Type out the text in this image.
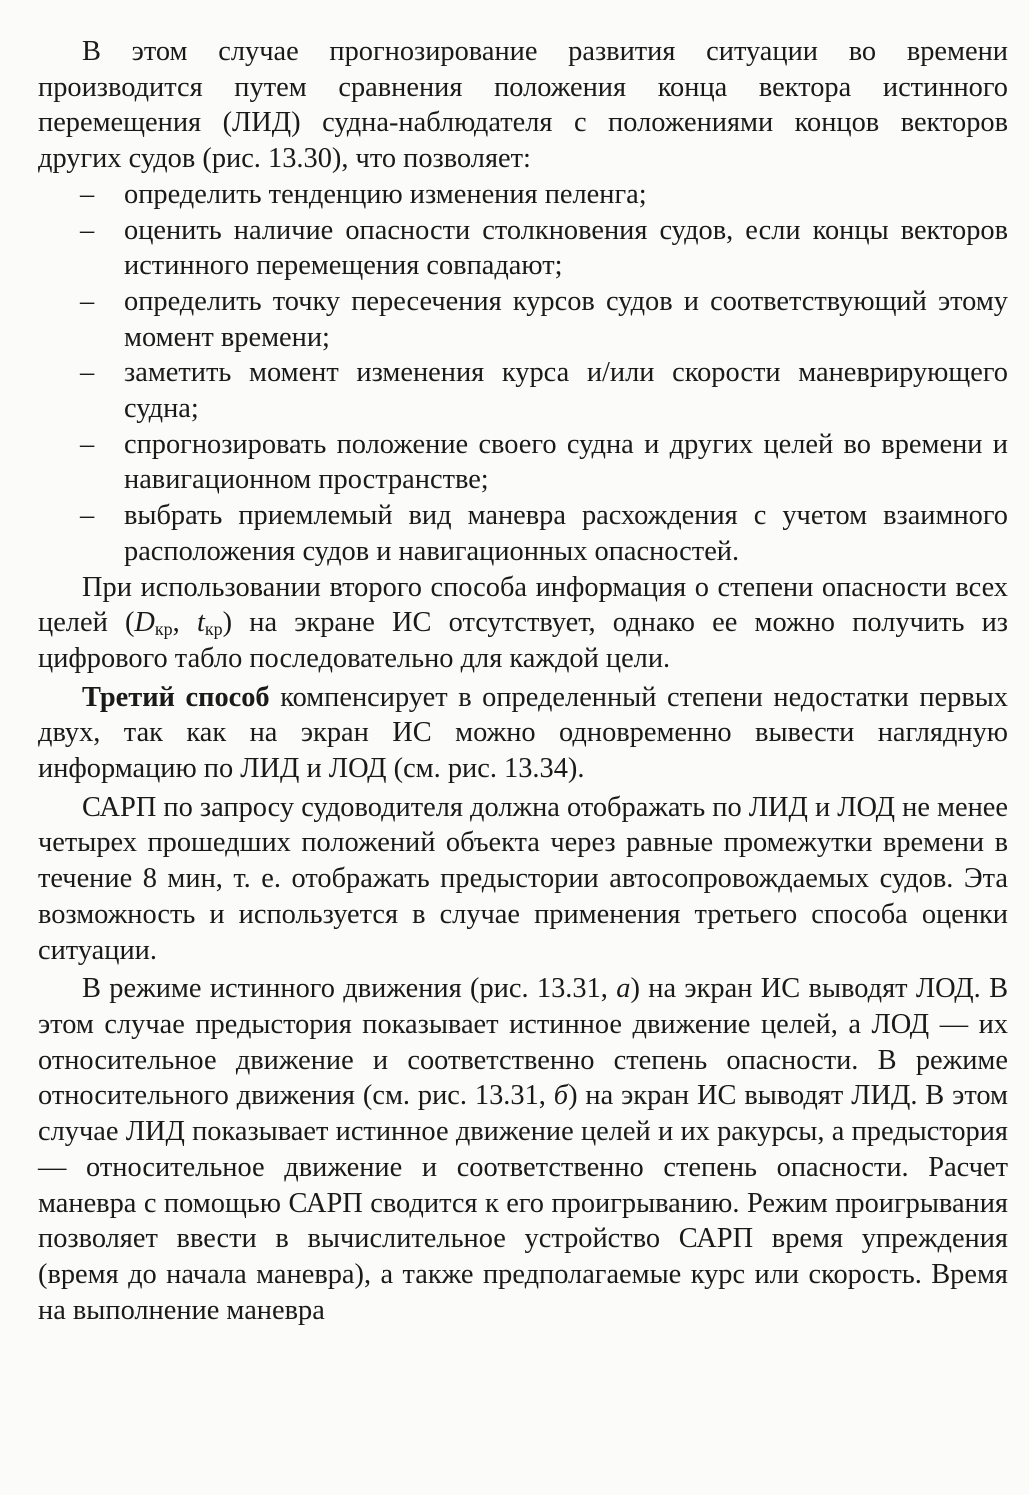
В этом случае прогнозирование развития ситуации во времени производится путем сравнения положения конца вектора истинного перемещения (ЛИД) судна-наблюдателя с положениями концов векторов других судов (рис. 13.30), что позволяет:

– определить тенденцию изменения пеленга;
– оценить наличие опасности столкновения судов, если концы векторов истинного перемещения совпадают;
– определить точку пересечения курсов судов и соответствующий этому момент времени;
– заметить момент изменения курса и/или скорости маневрирующего судна;
– спрогнозировать положение своего судна и других целей во времени и навигационном пространстве;
– выбрать приемлемый вид маневра расхождения с учетом взаимного расположения судов и навигационных опасностей.

При использовании второго способа информация о степени опасности всех целей ($D_{кр}$, $t_{кр}$) на экране ИС отсутствует, однако ее можно получить из цифрового табло последовательно для каждой цели.

Третий способ компенсирует в определенный степени недостатки первых двух, так как на экран ИС можно одновременно вывести наглядную информацию по ЛИД и ЛОД (см. рис. 13.34).

САРП по запросу судоводителя должна отображать по ЛИД и ЛОД не менее четырех прошедших положений объекта через равные промежутки времени в течение 8 мин, т. е. отображать предыстории автосопровождаемых судов. Эта возможность и используется в случае применения третьего способа оценки ситуации.

В режиме истинного движения (рис. 13.31, а) на экран ИС выводят ЛОД. В этом случае предыстория показывает истинное движение целей, а ЛОД — их относительное движение и соответственно степень опасности. В режиме относительного движения (см. рис. 13.31, б) на экран ИС выводят ЛИД. В этом случае ЛИД показывает истинное движение целей и их ракурсы, а предыстория — относительное движение и соответственно степень опасности. Расчет маневра с помощью САРП сводится к его проигрыванию. Режим проигрывания позволяет ввести в вычислительное устройство САРП время упреждения (время до начала маневра), а также предполагаемые курс или скорость. Время на выполнение маневра
